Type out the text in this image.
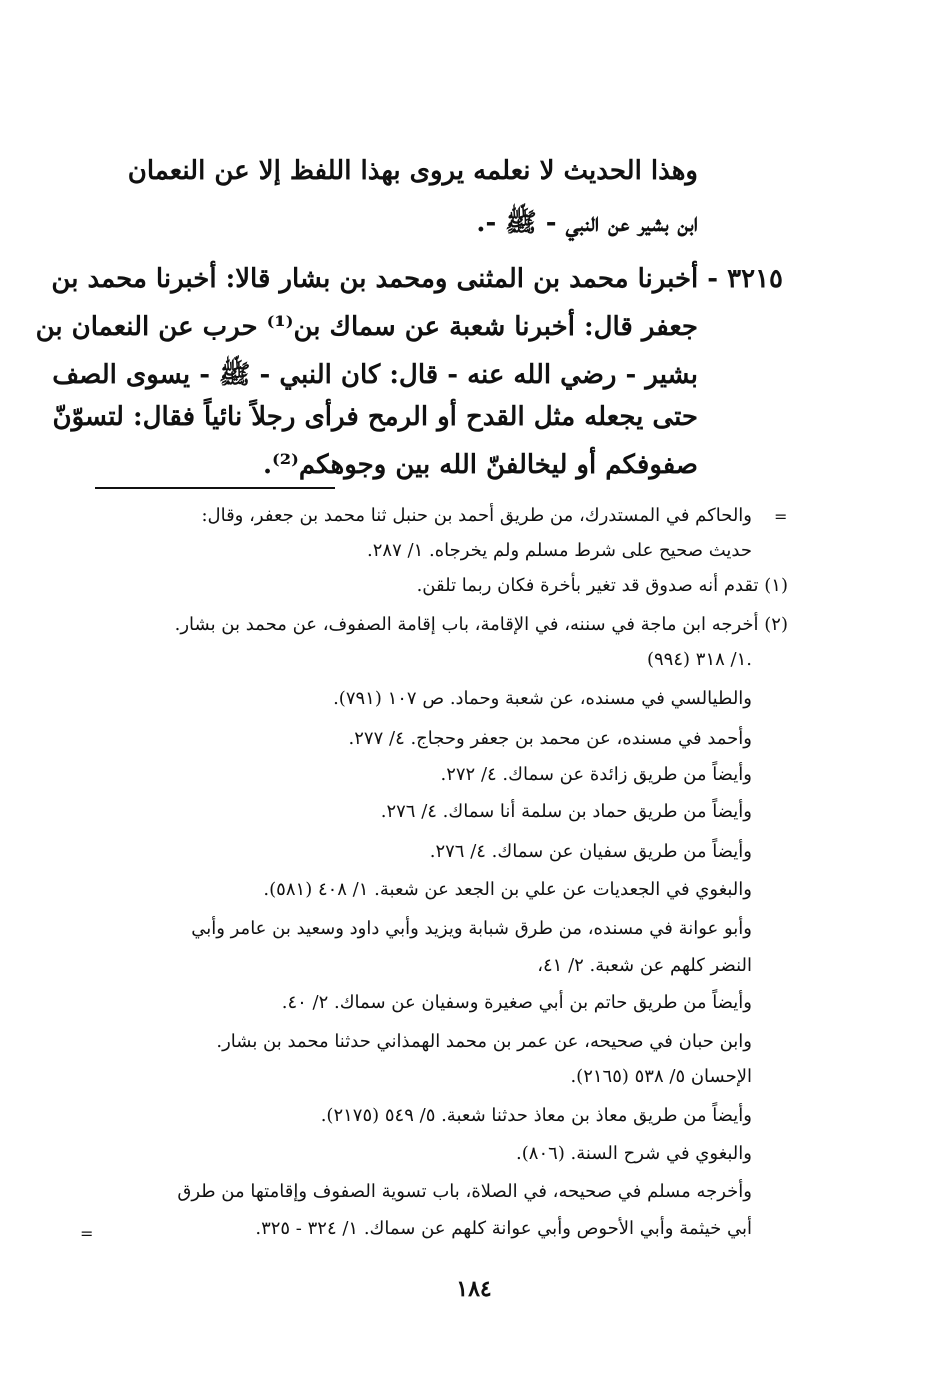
وهذا الحديث لا نعلمه يروى بهذا اللفظ إلا عن النعمان

ابن بشير عن النبي - ﷺ -.

٣٢١٥ - أخبرنا محمد بن المثنى ومحمد بن بشار قالا: أخبرنا محمد بن

جعفر قال: أخبرنا شعبة عن سماك بن⁽¹⁾ حرب عن النعمان بن

بشير - رضي الله عنه - قال: كان النبي - ﷺ - يسوى الصف

حتى يجعله مثل القدح أو الرمح فرأى رجلاً نائياً فقال: لتسوّنّ

صفوفكم أو ليخالفنّ الله بين وجوهكم⁽²⁾.

=

والحاكم في المستدرك، من طريق أحمد بن حنبل ثنا محمد بن جعفر، وقال:

حديث صحيح على شرط مسلم ولم يخرجاه. ١/ ٢٨٧.

(١) تقدم أنه صدوق قد تغير بأخرة فكان ربما تلقن.

(٢) أخرجه ابن ماجة في سننه، في الإقامة، باب إقامة الصفوف، عن محمد بن بشار.

١/ ٣١٨ (٩٩٤).

والطيالسي في مسنده، عن شعبة وحماد. ص ١٠٧ (٧٩١).

وأحمد في مسنده، عن محمد بن جعفر وحجاج. ٤/ ٢٧٧.

وأيضاً من طريق زائدة عن سماك. ٤/ ٢٧٢.

وأيضاً من طريق حماد بن سلمة أنا سماك. ٤/ ٢٧٦.

وأيضاً من طريق سفيان عن سماك. ٤/ ٢٧٦.

والبغوي في الجعديات عن علي بن الجعد عن شعبة. ١/ ٤٠٨ (٥٨١).

وأبو عوانة في مسنده، من طرق شبابة ويزيد وأبي داود وسعيد بن عامر وأبي

النضر كلهم عن شعبة. ٢/ ٤١،

وأيضاً من طريق حاتم بن أبي صغيرة وسفيان عن سماك. ٢/ ٤٠.

وابن حبان في صحيحه، عن عمر بن محمد الهمذاني حدثنا محمد بن بشار.

الإحسان ٥/ ٥٣٨ (٢١٦٥).

وأيضاً من طريق معاذ بن معاذ حدثنا شعبة. ٥/ ٥٤٩ (٢١٧٥).

والبغوي في شرح السنة. (٨٠٦).

وأخرجه مسلم في صحيحه، في الصلاة، باب تسوية الصفوف وإقامتها من طرق

أبي خيثمة وأبي الأحوص وأبي عوانة كلهم عن سماك. ١/ ٣٢٤ - ٣٢٥.

=
١٨٤
